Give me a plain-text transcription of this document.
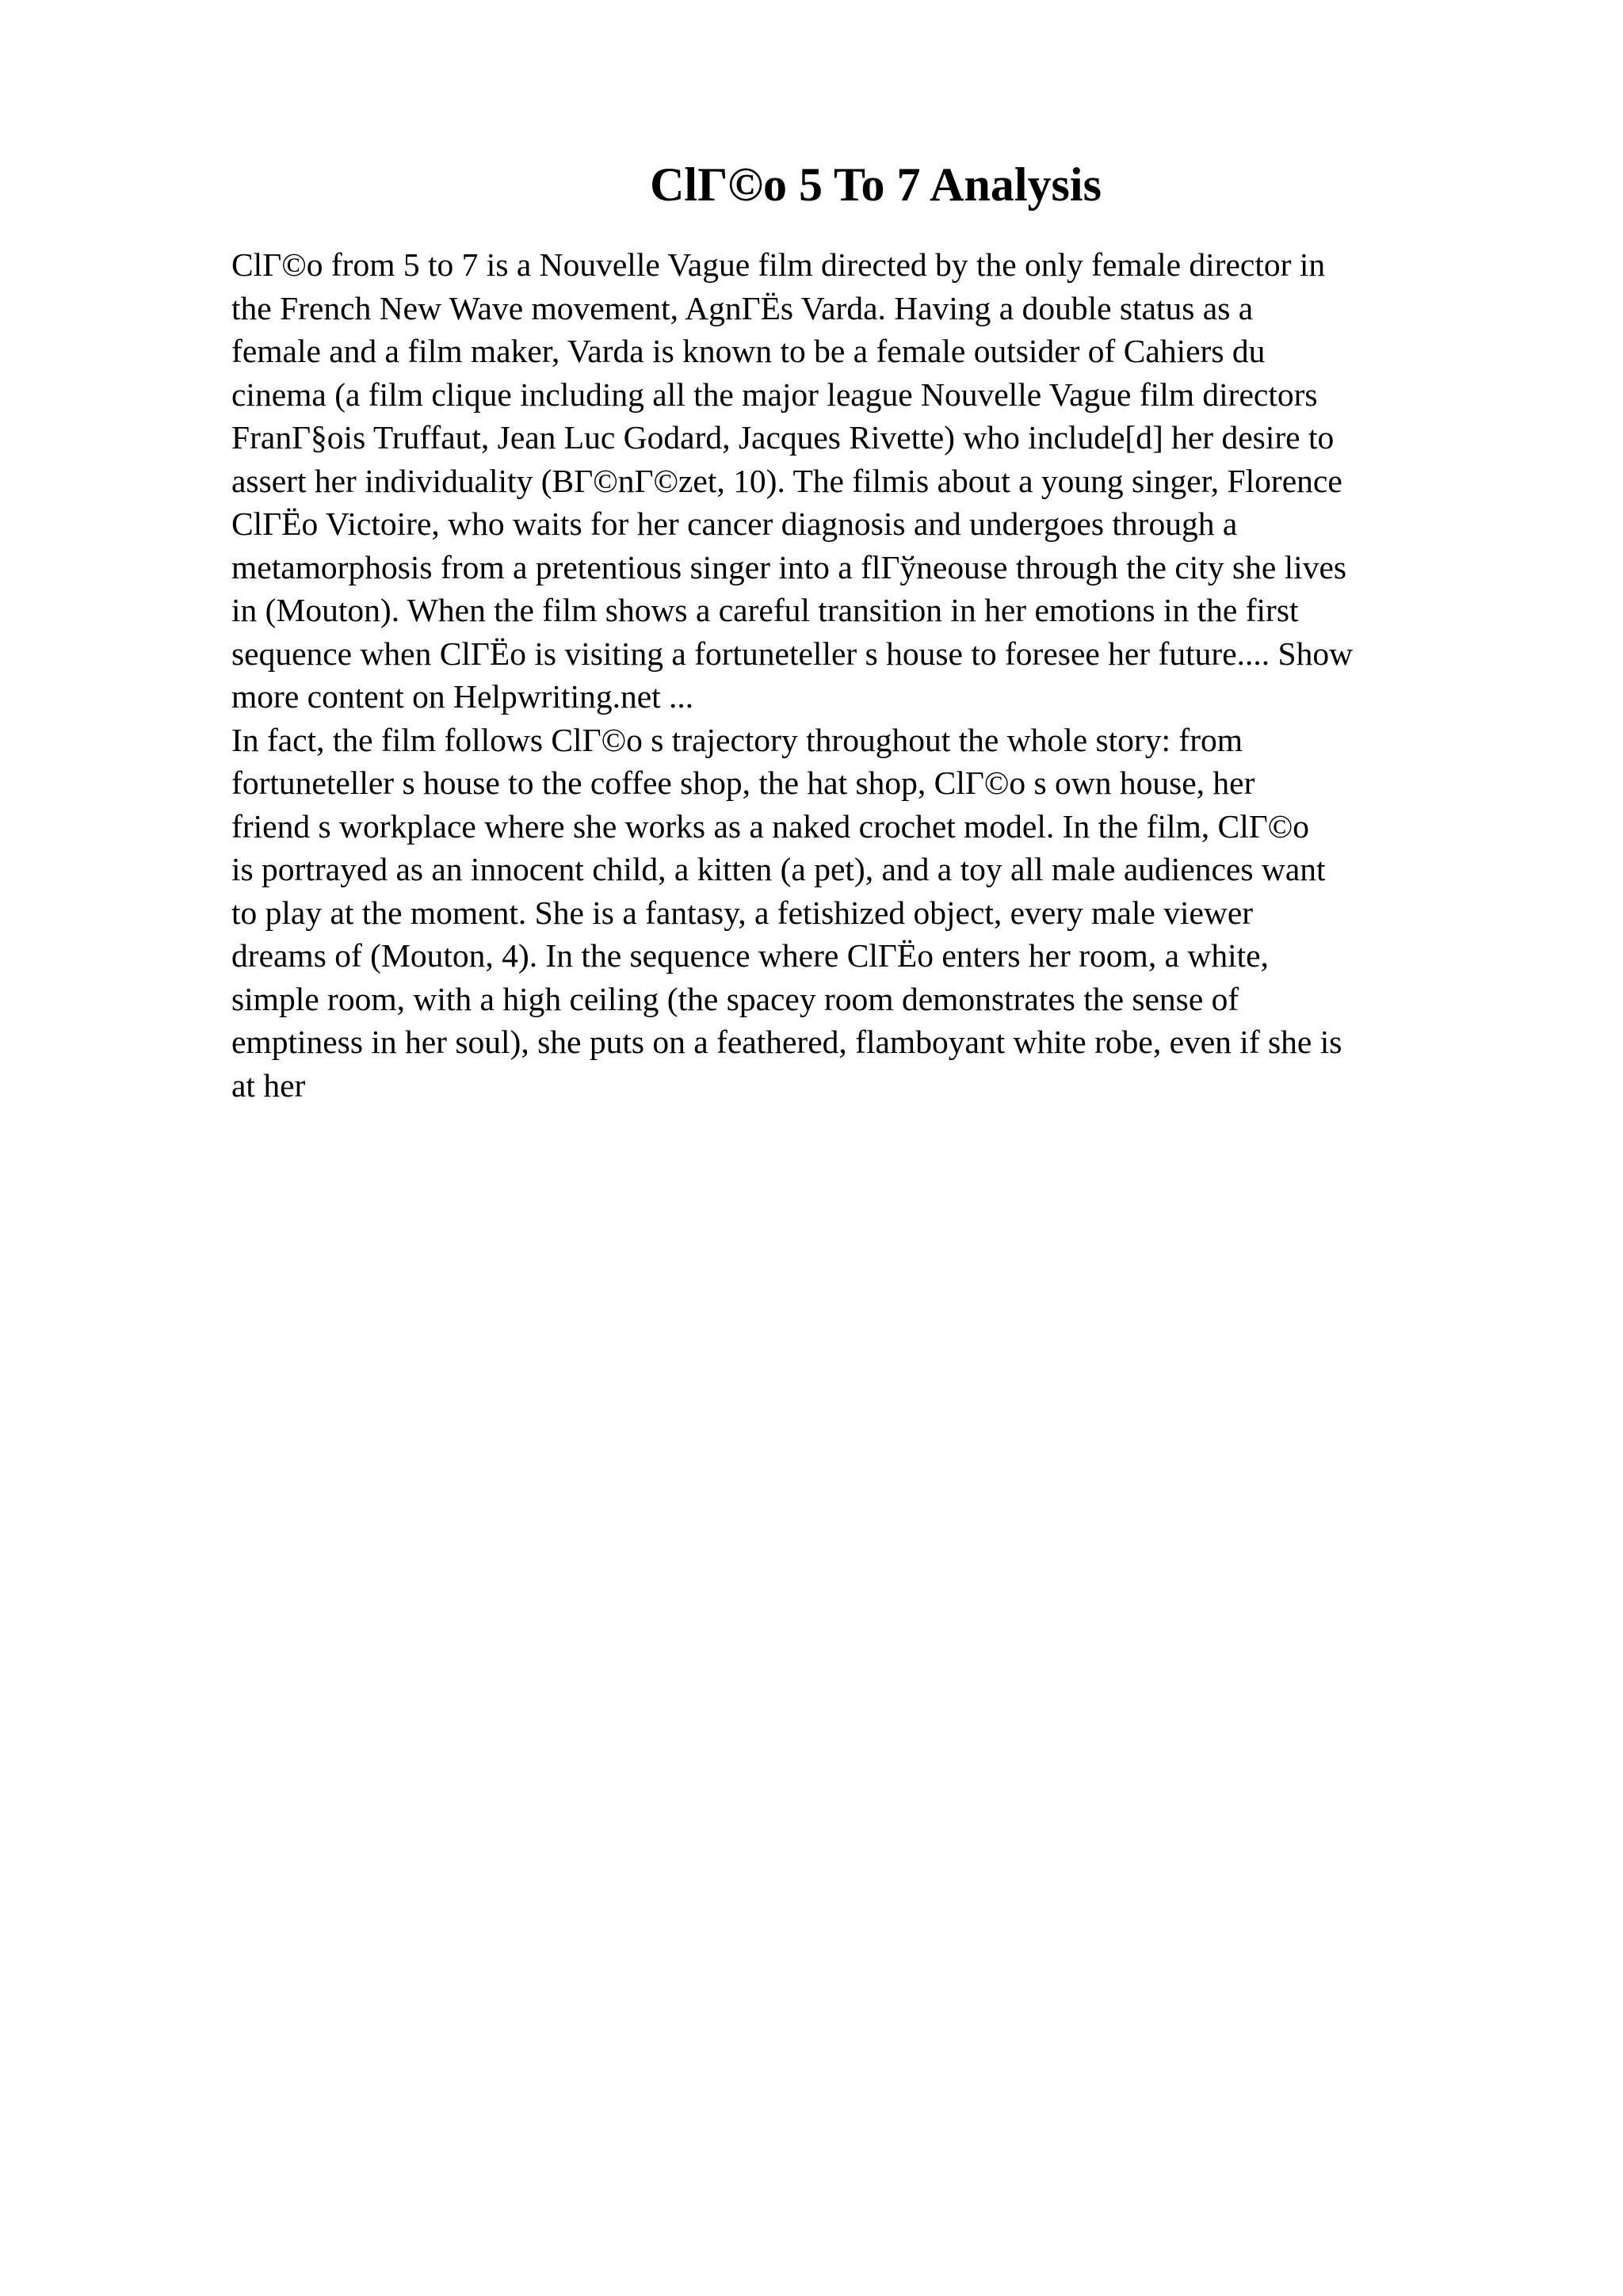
ClГ©o 5 To 7 Analysis
ClГ©o from 5 to 7 is a Nouvelle Vague film directed by the only female director in
the French New Wave movement, AgnГЁs Varda. Having a double status as a
female and a film maker, Varda is known to be a female outsider of Cahiers du
cinema (a film clique including all the major league Nouvelle Vague film directors
FranГ§ois Truffaut, Jean Luc Godard, Jacques Rivette) who include[d] her desire to
assert her individuality (BГ©nГ©zet, 10). The filmis about a young singer, Florence
ClГЁo Victoire, who waits for her cancer diagnosis and undergoes through a
metamorphosis from a pretentious singer into a flГўneouse through the city she lives
in (Mouton). When the film shows a careful transition in her emotions in the first
sequence when ClГЁo is visiting a fortuneteller s house to foresee her future.... Show
more content on Helpwriting.net ...
In fact, the film follows ClГ©o s trajectory throughout the whole story: from
fortuneteller s house to the coffee shop, the hat shop, ClГ©o s own house, her
friend s workplace where she works as a naked crochet model. In the film, ClГ©o
is portrayed as an innocent child, a kitten (a pet), and a toy all male audiences want
to play at the moment. She is a fantasy, a fetishized object, every male viewer
dreams of (Mouton, 4). In the sequence where ClГЁo enters her room, a white,
simple room, with a high ceiling (the spacey room demonstrates the sense of
emptiness in her soul), she puts on a feathered, flamboyant white robe, even if she is
at her
